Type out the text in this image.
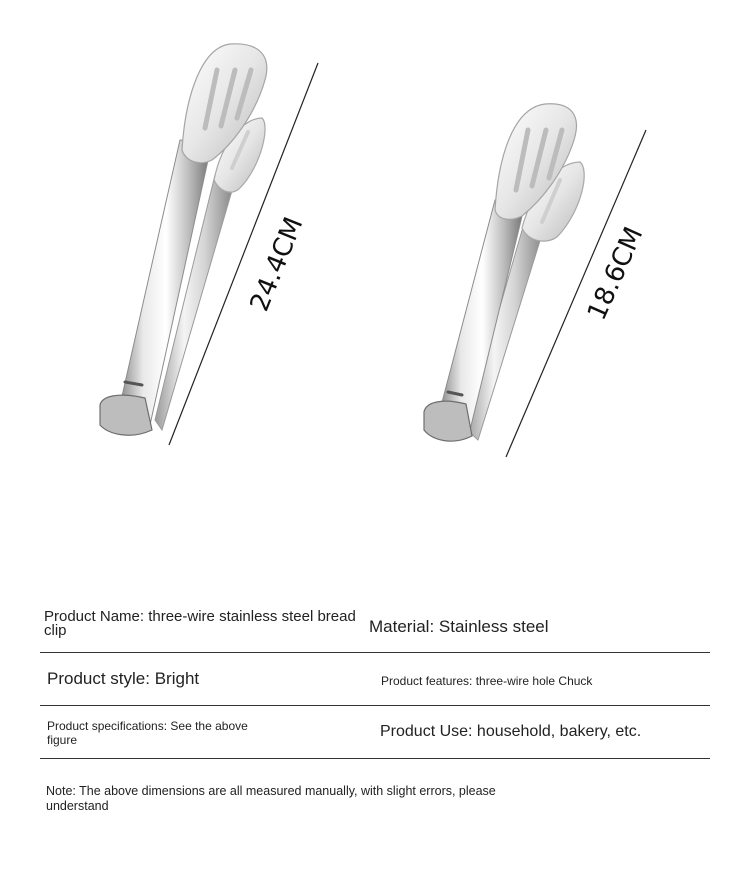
24.4CM	18.6CM
Product Name: three-wire stainless steel bread clip	Material: Stainless steel
Product style: Bright	Product features: three-wire hole Chuck
Product specifications: See the above figure	Product Use: household, bakery, etc.
Note: The above dimensions are all measured manually, with slight errors, please understand
